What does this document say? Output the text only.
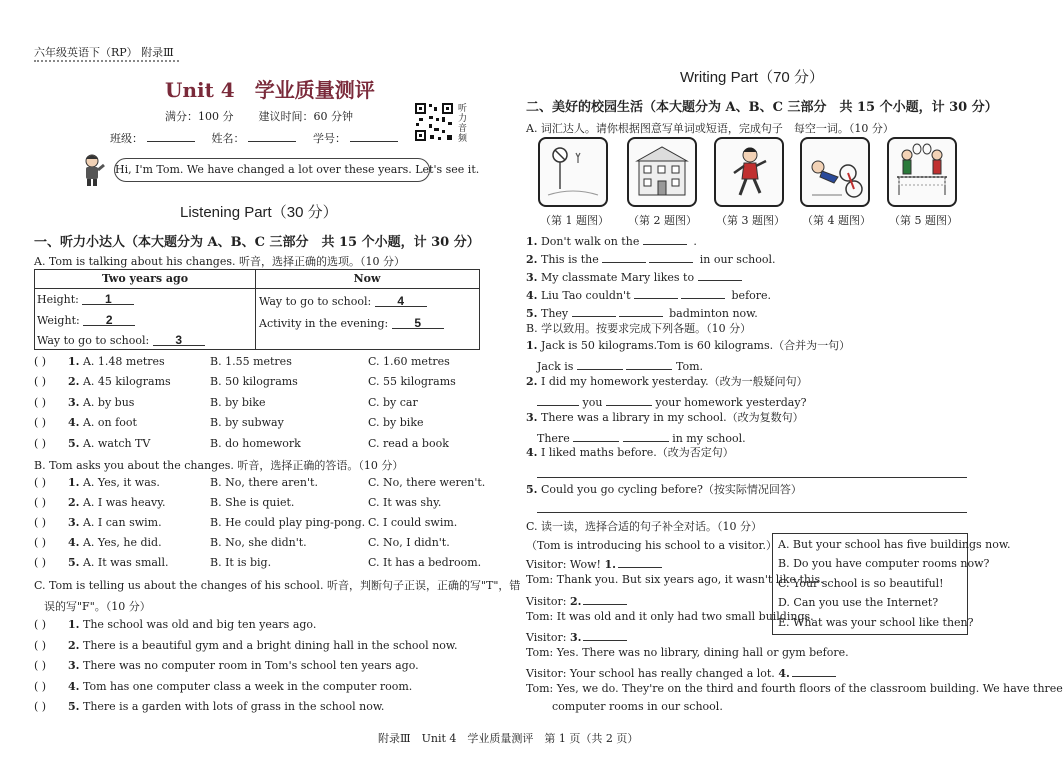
六年级英语下（RP） 附录Ⅲ
Unit 4　学业质量测评
满分：100 分 建议时间：60 分钟
班级：	姓名：	学号：
听力音频
Hi, I'm Tom. We have changed a lot over these years. Let's see it.
Listening Part（30 分）
一、听力小达人（本大题分为 A、B、C 三部分　共 15 个小题，计 30 分）
A. Tom is talking about his changes. 听音，选择正确的选项。（10 分）
Two years ago	Now
Height: 1
Weight: 2
Way to go to school: 3
Way to go to school: 4
Activity in the evening: 5
( ) 1. A. 1.48 metres	B. 1.55 metres	C. 1.60 metres
( ) 2. A. 45 kilograms	B. 50 kilograms	C. 55 kilograms
( ) 3. A. by bus	B. by bike	C. by car
( ) 4. A. on foot	B. by subway	C. by bike
( ) 5. A. watch TV	B. do homework	C. read a book
B. Tom asks you about the changes. 听音，选择正确的答语。（10 分）
( ) 1. A. Yes, it was.	B. No, there aren't.	C. No, there weren't.
( ) 2. A. I was heavy.	B. She is quiet.	C. It was shy.
( ) 3. A. I can swim.	B. He could play ping-pong. C. I could swim.
( ) 4. A. Yes, he did.	B. No, she didn't.	C. No, I didn't.
( ) 5. A. It was small.	B. It is big.	C. It has a bedroom.
C. Tom is telling us about the changes of his school. 听音，判断句子正误，正确的写"T"，错
误的写"F"。（10 分）
( ) 1. The school was old and big ten years ago.
( ) 2. There is a beautiful gym and a bright dining hall in the school now.
( ) 3. There was no computer room in Tom's school ten years ago.
( ) 4. Tom has one computer class a week in the computer room.
( ) 5. There is a garden with lots of grass in the school now.
Writing Part（70 分）
二、美好的校园生活（本大题分为 A、B、C 三部分　共 15 个小题，计 30 分）
A. 词汇达人。请你根据图意写单词或短语，完成句子　每空一词。（10 分）
（第 1 题图） （第 2 题图） （第 3 题图） （第 4 题图） （第 5 题图）
1. Don't walk on the	.
2. This is the	in our school.
3. My classmate Mary likes to
4. Liu Tao couldn't	before.
5. They	badminton now.
B. 学以致用。按要求完成下列各题。（10 分）
1. Jack is 50 kilograms.Tom is 60 kilograms.（合并为一句）
Jack is	Tom.
2. I did my homework yesterday.（改为一般疑问句）
you	your homework yesterday?
3. There was a library in my school.（改为复数句）
There	in my school.
4. I liked maths before.（改为否定句）
5. Could you go cycling before?（按实际情况回答）
C. 读一读，选择合适的句子补全对话。（10 分）
（Tom is introducing his school to a visitor.）
Visitor: Wow! 1.
Tom: Thank you. But six years ago, it wasn't like this.
Visitor: 2.
Tom: It was old and it only had two small buildings.
Visitor: 3.
Tom: Yes. There was no library, dining hall or gym before.
Visitor: Your school has really changed a lot. 4.
Tom: Yes, we do. They're on the third and fourth floors of the classroom building. We have three
computer rooms in our school.
A. But your school has five buildings now.
B. Do you have computer rooms now?
C. Your school is so beautiful!
D. Can you use the Internet?
E. What was your school like then?
附录Ⅲ　Unit 4　学业质量测评　第 1 页（共 2 页）
